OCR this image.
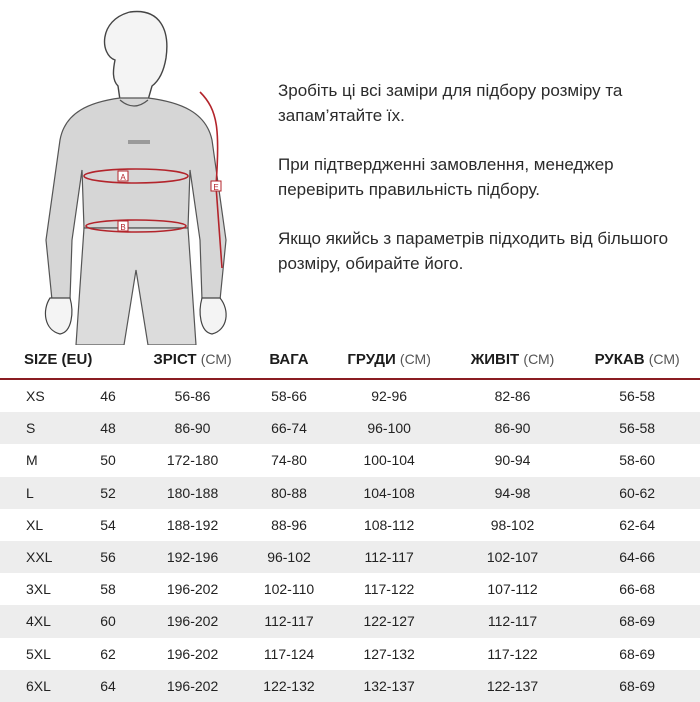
A
B
E

Зробіть ці всі заміри для підбору розміру та запам’ятайте їх.

При підтвердженні замовлення, менеджер перевірить правильність підбору.

Якщо якийсь з параметрів підходить від більшого розміру, обирайте його.

SIZE (EU)		ЗРІСТ (СМ)	ВАГА	ГРУДИ (СМ)	ЖИВІТ (СМ)	РУКАВ (СМ)
XS	46	56-86	58-66	92-96	82-86	56-58
S	48	86-90	66-74	96-100	86-90	56-58
M	50	172-180	74-80	100-104	90-94	58-60
L	52	180-188	80-88	104-108	94-98	60-62
XL	54	188-192	88-96	108-112	98-102	62-64
XXL	56	192-196	96-102	112-117	102-107	64-66
3XL	58	196-202	102-110	117-122	107-112	66-68
4XL	60	196-202	112-117	122-127	112-117	68-69
5XL	62	196-202	117-124	127-132	117-122	68-69
6XL	64	196-202	122-132	132-137	122-137	68-69
